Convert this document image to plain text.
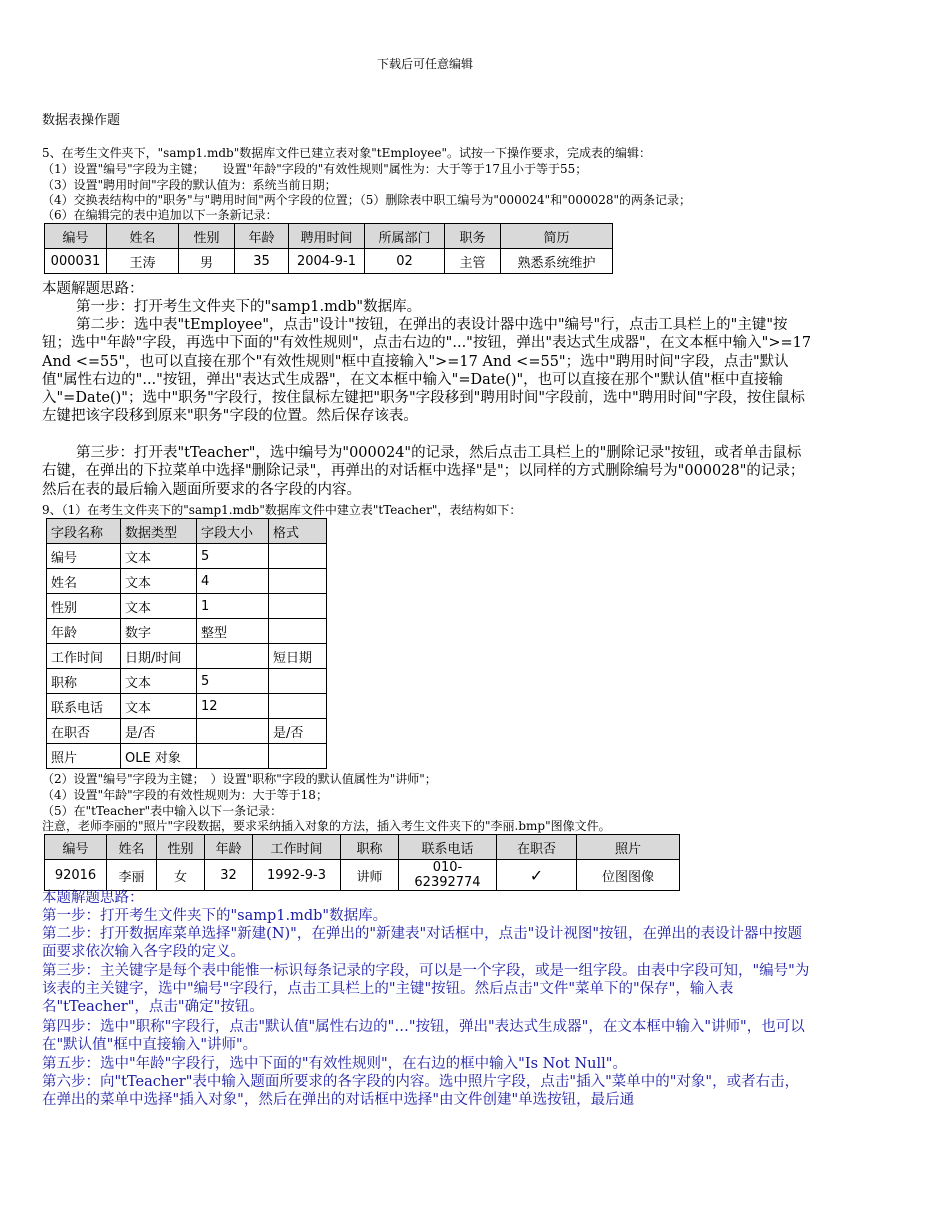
下载后可任意编辑
数据表操作题
5、在考生文件夹下，"samp1.mdb"数据库文件已建立表对象"tEmployee"。试按一下操作要求，完成表的编辑：
（1）设置"编号"字段为主键；　　设置"年龄"字段的"有效性规则"属性为：大于等于17且小于等于55；
（3）设置"聘用时间"字段的默认值为：系统当前日期；
（4）交换表结构中的"职务"与"聘用时间"两个字段的位置；（5）删除表中职工编号为"000024"和"000028"的两条记录；
（6）在编辑完的表中追加以下一条新记录：
编号	姓名	性别	年龄	聘用时间	所属部门	职务	简历
000031	王涛	男	35	2004-9-1	02	主管	熟悉系统维护
本题解题思路：
第一步：打开考生文件夹下的"samp1.mdb"数据库。
第二步：选中表"tEmployee"，点击"设计"按钮，在弹出的表设计器中选中"编号"行，点击工具栏上的"主键"按钮；选中"年龄"字段，再选中下面的"有效性规则"，点击右边的"..."按钮，弹出"表达式生成器"，在文本框中输入">=17 And <=55"，也可以直接在那个"有效性规则"框中直接输入">=17 And <=55"；选中"聘用时间"字段，点击"默认值"属性右边的"..."按钮，弹出"表达式生成器"，在文本框中输入"=Date()"，也可以直接在那个"默认值"框中直接输入"=Date()"；选中"职务"字段行，按住鼠标左键把"职务"字段移到"聘用时间"字段前，选中"聘用时间"字段，按住鼠标左键把该字段移到原来"职务"字段的位置。然后保存该表。
第三步：打开表"tTeacher"，选中编号为"000024"的记录，然后点击工具栏上的"删除记录"按钮，或者单击鼠标右键，在弹出的下拉菜单中选择"删除记录"，再弹出的对话框中选择"是"；以同样的方式删除编号为"000028"的记录；然后在表的最后输入题面所要求的各字段的内容。
9、（1）在考生文件夹下的"samp1.mdb"数据库文件中建立表"tTeacher"，表结构如下：
字段名称	数据类型	字段大小	格式
编号	文本	5	
姓名	文本	4	
性别	文本	1	
年龄	数字	整型	
工作时间	日期/时间		短日期
职称	文本	5	
联系电话	文本	12	
在职否	是/否		是/否
照片	OLE 对象		
（2）设置"编号"字段为主键；　）设置"职称"字段的默认值属性为"讲师"；
（4）设置"年龄"字段的有效性规则为：大于等于18；
（5）在"tTeacher"表中输入以下一条记录：
注意，老师李丽的"照片"字段数据，要求采纳插入对象的方法，插入考生文件夹下的"李丽.bmp"图像文件。
编号	姓名	性别	年龄	工作时间	职称	联系电话	在职否	照片
92016	李丽	女	32	1992-9-3	讲师	010-62392774	✓	位图图像
本题解题思路：
第一步：打开考生文件夹下的"samp1.mdb"数据库。
第二步：打开数据库菜单选择"新建(N)"，在弹出的"新建表"对话框中，点击"设计视图"按钮，在弹出的表设计器中按题面要求依次输入各字段的定义。
第三步：主关键字是每个表中能惟一标识每条记录的字段，可以是一个字段，或是一组字段。由表中字段可知，"编号"为该表的主关键字，选中"编号"字段行，点击工具栏上的"主键"按钮。然后点击"文件"菜单下的"保存"，输入表名"tTeacher"，点击"确定"按钮。
第四步：选中"职称"字段行，点击"默认值"属性右边的"…"按钮，弹出"表达式生成器"，在文本框中输入"讲师"，也可以在"默认值"框中直接输入"讲师"。
第五步：选中"年龄"字段行，选中下面的"有效性规则"，在右边的框中输入"Is Not Null"。
第六步：向"tTeacher"表中输入题面所要求的各字段的内容。选中照片字段，点击"插入"菜单中的"对象"，或者右击，在弹出的菜单中选择"插入对象"，然后在弹出的对话框中选择"由文件创建"单选按钮，最后通
